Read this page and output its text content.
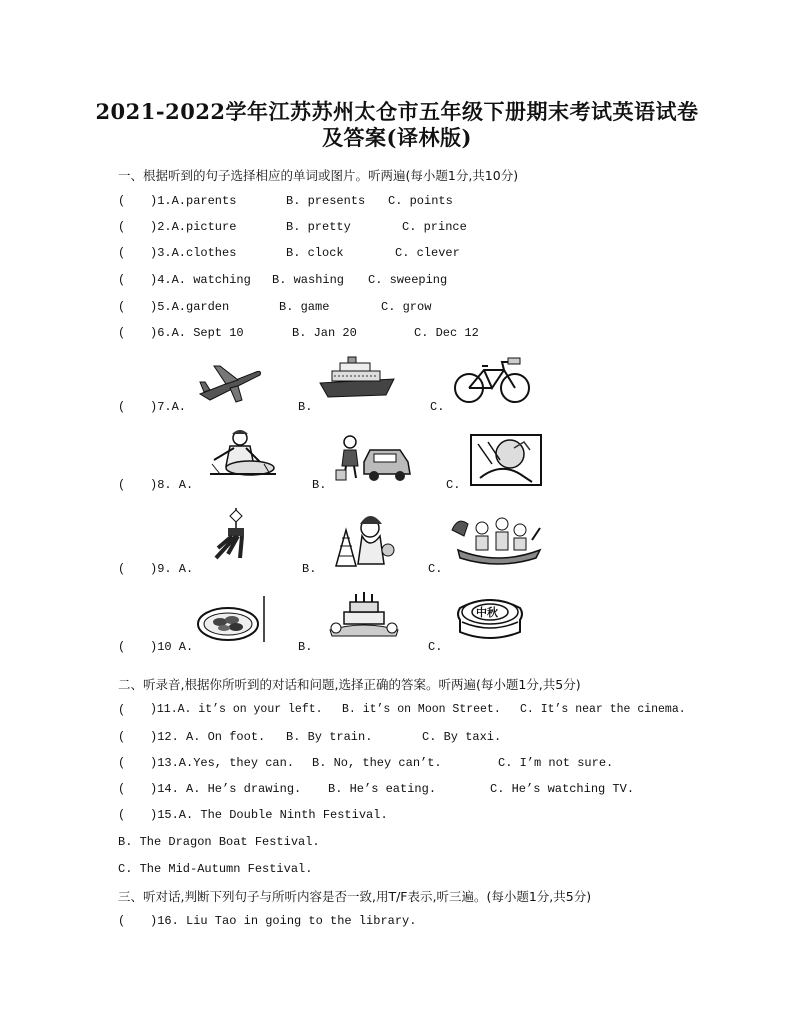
2021-2022学年江苏苏州太仓市五年级下册期末考试英语试卷
及答案(译林版)
一、根据听到的句子选择相应的单词或图片。听两遍(每小题1分,共10分)
( )1.A.parents	B. presents C. points
( )2.A.picture	B. pretty	C. prince
( )3.A.clothes	B. clock	C. clever
( )4.A. watching B. washing C. sweeping
( )5.A.garden	B. game	C. grow
( )6.A. Sept 10	B. Jan 20	C. Dec 12
( )7.A.	B.	C.
( )8. A.	B.	C.
( )9. A.	B.	C.
( )10 A.	B.	C.
中秋
二、听录音,根据你所听到的对话和问题,选择正确的答案。听两遍(每小题1分,共5分)
( )11.A. it’s on your left. B. it’s on Moon Street. C. It’s near the cinema.
( )12. A. On foot. B. By train.	C. By taxi.
( )13.A.Yes, they can. B. No, they can’t.	C. I’m not sure.
( )14. A. He’s drawing. B. He’s eating.	C. He’s watching TV.
( )15.A. The Double Ninth Festival.
B. The Dragon Boat Festival.
C. The Mid-Autumn Festival.
三、听对话,判断下列句子与所听内容是否一致,用T/F表示,听三遍。(每小题1分,共5分)
( )16. Liu Tao in going to the library.
